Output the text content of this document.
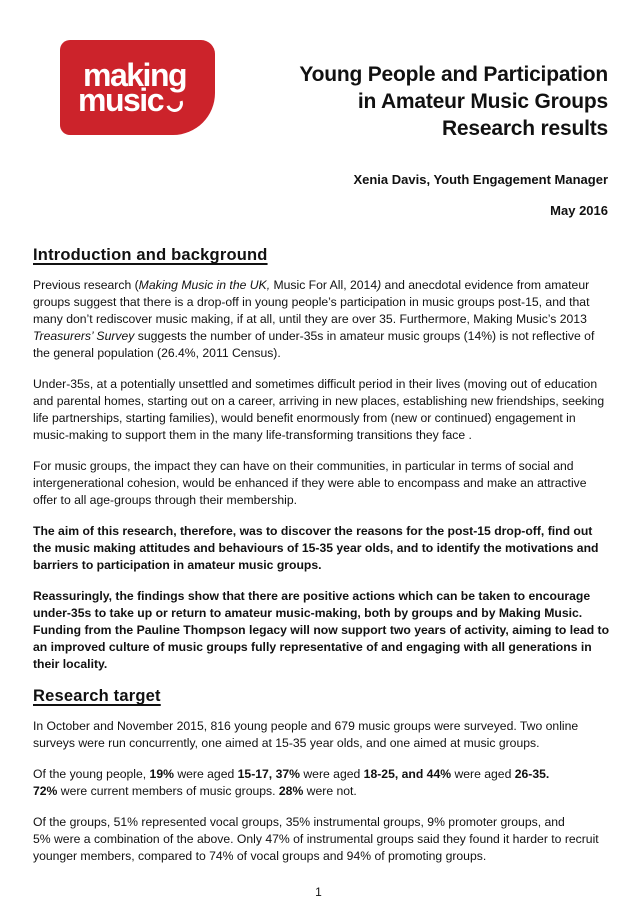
making
music
Young People and Participation
in Amateur Music Groups
Research results
Xenia Davis, Youth Engagement Manager
May 2016
Introduction and background

Previous research (Making Music in the UK, Music For All, 2014) and anecdotal evidence from amateur
groups suggest that there is a drop-off in young people’s participation in music groups post-15, and that
many don’t rediscover music making, if at all, until they are over 35. Furthermore, Making Music’s 2013
Treasurers’ Survey suggests the number of under-35s in amateur music groups (14%) is not reflective of
the general population (26.4%, 2011 Census).

Under-35s, at a potentially unsettled and sometimes difficult period in their lives (moving out of education
and parental homes, starting out on a career, arriving in new places, establishing new friendships, seeking
life partnerships, starting families), would benefit enormously from (new or continued) engagement in
music-making to support them in the many life-transforming transitions they face .

For music groups, the impact they can have on their communities, in particular in terms of social and
intergenerational cohesion, would be enhanced if they were able to encompass and make an attractive
offer to all age-groups through their membership.

The aim of this research, therefore, was to discover the reasons for the post-15 drop-off, find out
the music making attitudes and behaviours of 15-35 year olds, and to identify the motivations and
barriers to participation in amateur music groups.

Reassuringly, the findings show that there are positive actions which can be taken to encourage
under-35s to take up or return to amateur music-making, both by groups and by Making Music.
Funding from the Pauline Thompson legacy will now support two years of activity, aiming to lead to
an improved culture of music groups fully representative of and engaging with all generations in
their locality.

Research target

In October and November 2015, 816 young people and 679 music groups were surveyed. Two online
surveys were run concurrently, one aimed at 15-35 year olds, and one aimed at music groups.

Of the young people, 19% were aged 15-17, 37% were aged 18-25, and 44% were aged 26-35.
72% were current members of music groups. 28% were not.

Of the groups, 51% represented vocal groups, 35% instrumental groups, 9% promoter groups, and
5% were a combination of the above. Only 47% of instrumental groups said they found it harder to recruit
younger members, compared to 74% of vocal groups and 94% of promoting groups.

1
